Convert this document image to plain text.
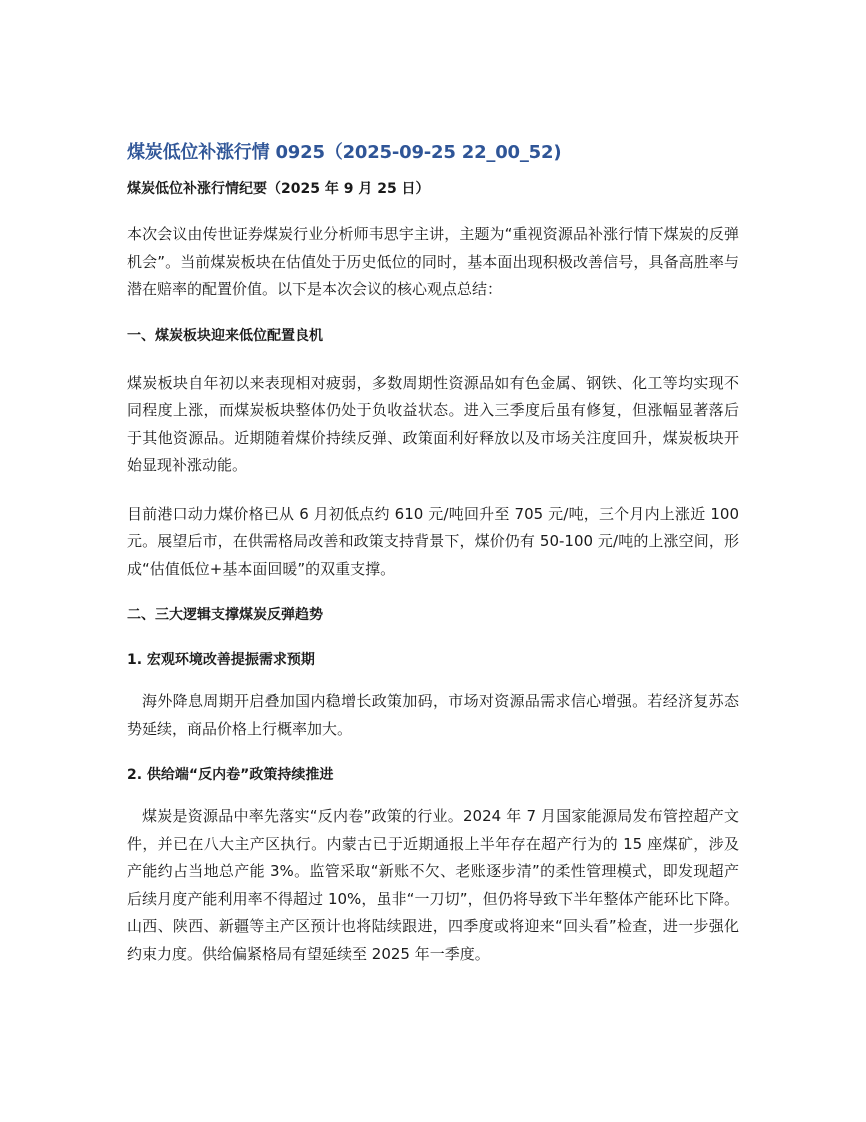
煤炭低位补涨行情 0925（2025-09-25 22_00_52)
煤炭低位补涨行情纪要（2025 年 9 月 25 日）

本次会议由传世证券煤炭行业分析师韦思宇主讲，主题为“重视资源品补涨行情下煤炭的反弹机会”。当前煤炭板块在估值处于历史低位的同时，基本面出现积极改善信号，具备高胜率与潜在赔率的配置价值。以下是本次会议的核心观点总结：

一、煤炭板块迎来低位配置良机

煤炭板块自年初以来表现相对疲弱，多数周期性资源品如有色金属、钢铁、化工等均实现不同程度上涨，而煤炭板块整体仍处于负收益状态。进入三季度后虽有修复，但涨幅显著落后于其他资源品。近期随着煤价持续反弹、政策面利好释放以及市场关注度回升，煤炭板块开始显现补涨动能。

目前港口动力煤价格已从 6 月初低点约 610 元/吨回升至 705 元/吨，三个月内上涨近 100 元。展望后市，在供需格局改善和政策支持背景下，煤价仍有 50-100 元/吨的上涨空间，形成“估值低位+基本面回暖”的双重支撑。

二、三大逻辑支撑煤炭反弹趋势
1. 宏观环境改善提振需求预期

海外降息周期开启叠加国内稳增长政策加码，市场对资源品需求信心增强。若经济复苏态势延续，商品价格上行概率加大。

2. 供给端“反内卷”政策持续推进

煤炭是资源品中率先落实“反内卷”政策的行业。2024 年 7 月国家能源局发布管控超产文件，并已在八大主产区执行。内蒙古已于近期通报上半年存在超产行为的 15 座煤矿，涉及产能约占当地总产能 3%。监管采取“新账不欠、老账逐步清”的柔性管理模式，即发现超产后续月度产能利用率不得超过 10%，虽非“一刀切”，但仍将导致下半年整体产能环比下降。山西、陕西、新疆等主产区预计也将陆续跟进，四季度或将迎来“回头看”检查，进一步强化约束力度。供给偏紧格局有望延续至 2025 年一季度。
